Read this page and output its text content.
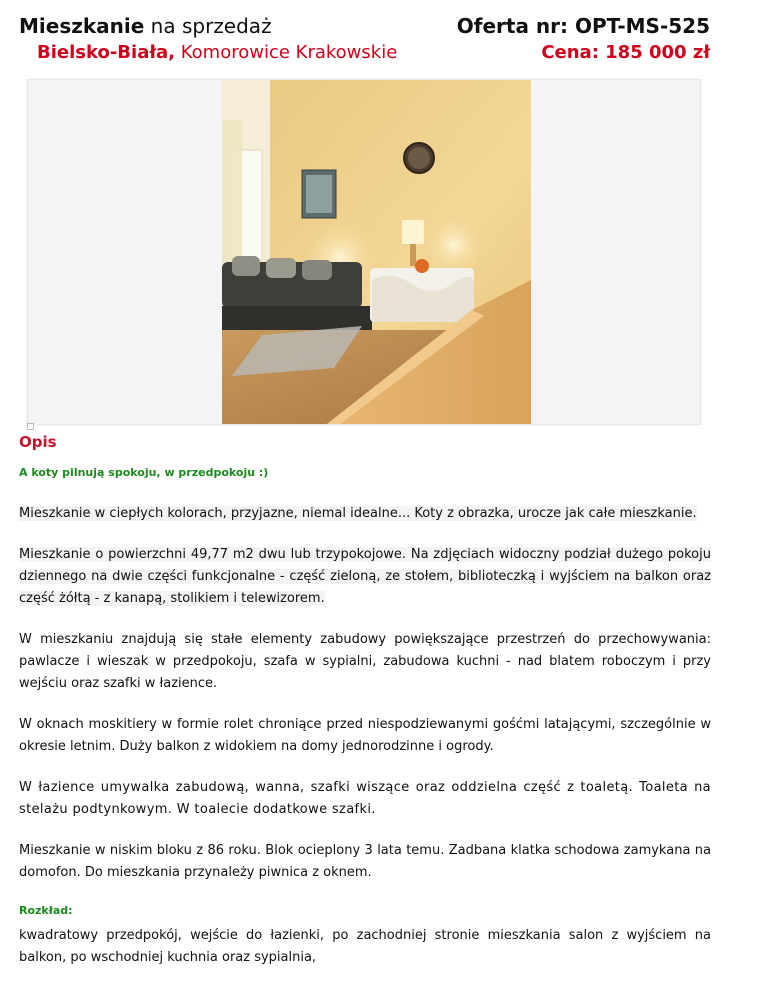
Mieszkanie na sprzedaż
Bielsko-Biała, Komorowice Krakowskie
Oferta nr: OPT-MS-525
Cena: 185 000 zł
Opis
A koty pilnują spokoju, w przedpokoju :)
Mieszkanie w ciepłych kolorach, przyjazne, niemal idealne... Koty z obrazka, urocze jak całe mieszkanie.
Mieszkanie o powierzchni 49,77 m2 dwu lub trzypokojowe. Na zdjęciach widoczny podział dużego pokoju dziennego na dwie części funkcjonalne - część zieloną, ze stołem, biblioteczką i wyjściem na balkon oraz część żółtą - z kanapą, stolikiem i telewizorem.
W mieszkaniu znajdują się stałe elementy zabudowy powiększające przestrzeń do przechowywania: pawlacze i wieszak w przedpokoju, szafa w sypialni, zabudowa kuchni - nad blatem roboczym i przy wejściu oraz szafki w łazience.
W oknach moskitiery w formie rolet chroniące przed niespodziewanymi gośćmi latającymi, szczególnie w okresie letnim. Duży balkon z widokiem na domy jednorodzinne i ogrody.
W łazience umywalka zabudową, wanna, szafki wiszące oraz oddzielna część z toaletą. Toaleta na stelażu podtynkowym. W toalecie dodatkowe szafki.
Mieszkanie w niskim bloku z 86 roku. Blok ocieplony 3 lata temu. Zadbana klatka schodowa zamykana na domofon. Do mieszkania przynależy piwnica z oknem.
Rozkład:
kwadratowy przedpokój, wejście do łazienki, po zachodniej stronie mieszkania salon z wyjściem na balkon, po wschodniej kuchnia oraz sypialnia,
